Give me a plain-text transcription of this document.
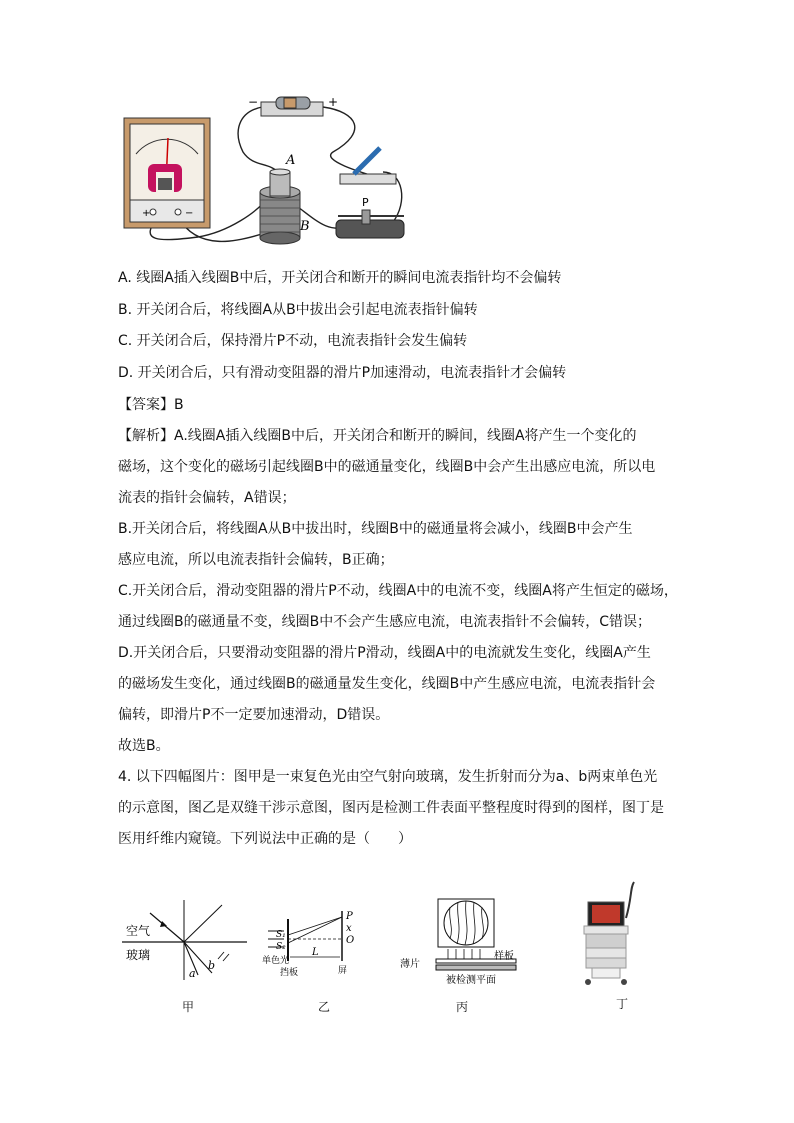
−	+
+	−
A
B
P
A. 线圈A插入线圈B中后，开关闭合和断开的瞬间电流表指针均不会偏转
B. 开关闭合后，将线圈A从B中拔出会引起电流表指针偏转
C. 开关闭合后，保持滑片P不动，电流表指针会发生偏转
D. 开关闭合后，只有滑动变阻器的滑片P加速滑动，电流表指针才会偏转
【答案】B
【解析】A.线圈A插入线圈B中后，开关闭合和断开的瞬间，线圈A将产生一个变化的
磁场，这个变化的磁场引起线圈B中的磁通量变化，线圈B中会产生出感应电流，所以电
流表的指针会偏转，A错误；
B.开关闭合后，将线圈A从B中拔出时，线圈B中的磁通量将会减小，线圈B中会产生
感应电流，所以电流表指针会偏转，B正确；
C.开关闭合后，滑动变阻器的滑片P不动，线圈A中的电流不变，线圈A将产生恒定的磁场，
通过线圈B的磁通量不变，线圈B中不会产生感应电流，电流表指针不会偏转，C错误；
D.开关闭合后，只要滑动变阻器的滑片P滑动，线圈A中的电流就发生变化，线圈A产生
的磁场发生变化，通过线圈B的磁通量发生变化，线圈B中产生感应电流，电流表指针会
偏转，即滑片P不一定要加速滑动，D错误。
故选B。
4. 以下四幅图片：图甲是一束复色光由空气射向玻璃，发生折射而分为a、b两束单色光
的示意图，图乙是双缝干涉示意图，图丙是检测工件表面平整程度时得到的图样，图丁是
医用纤维内窥镜。下列说法中正确的是（　　）
空气
玻璃
a
b
甲
S₁
S₂
P
x
O
L
单色光
挡板	屏
乙
薄片
样板
被检测平面
丙	丁
